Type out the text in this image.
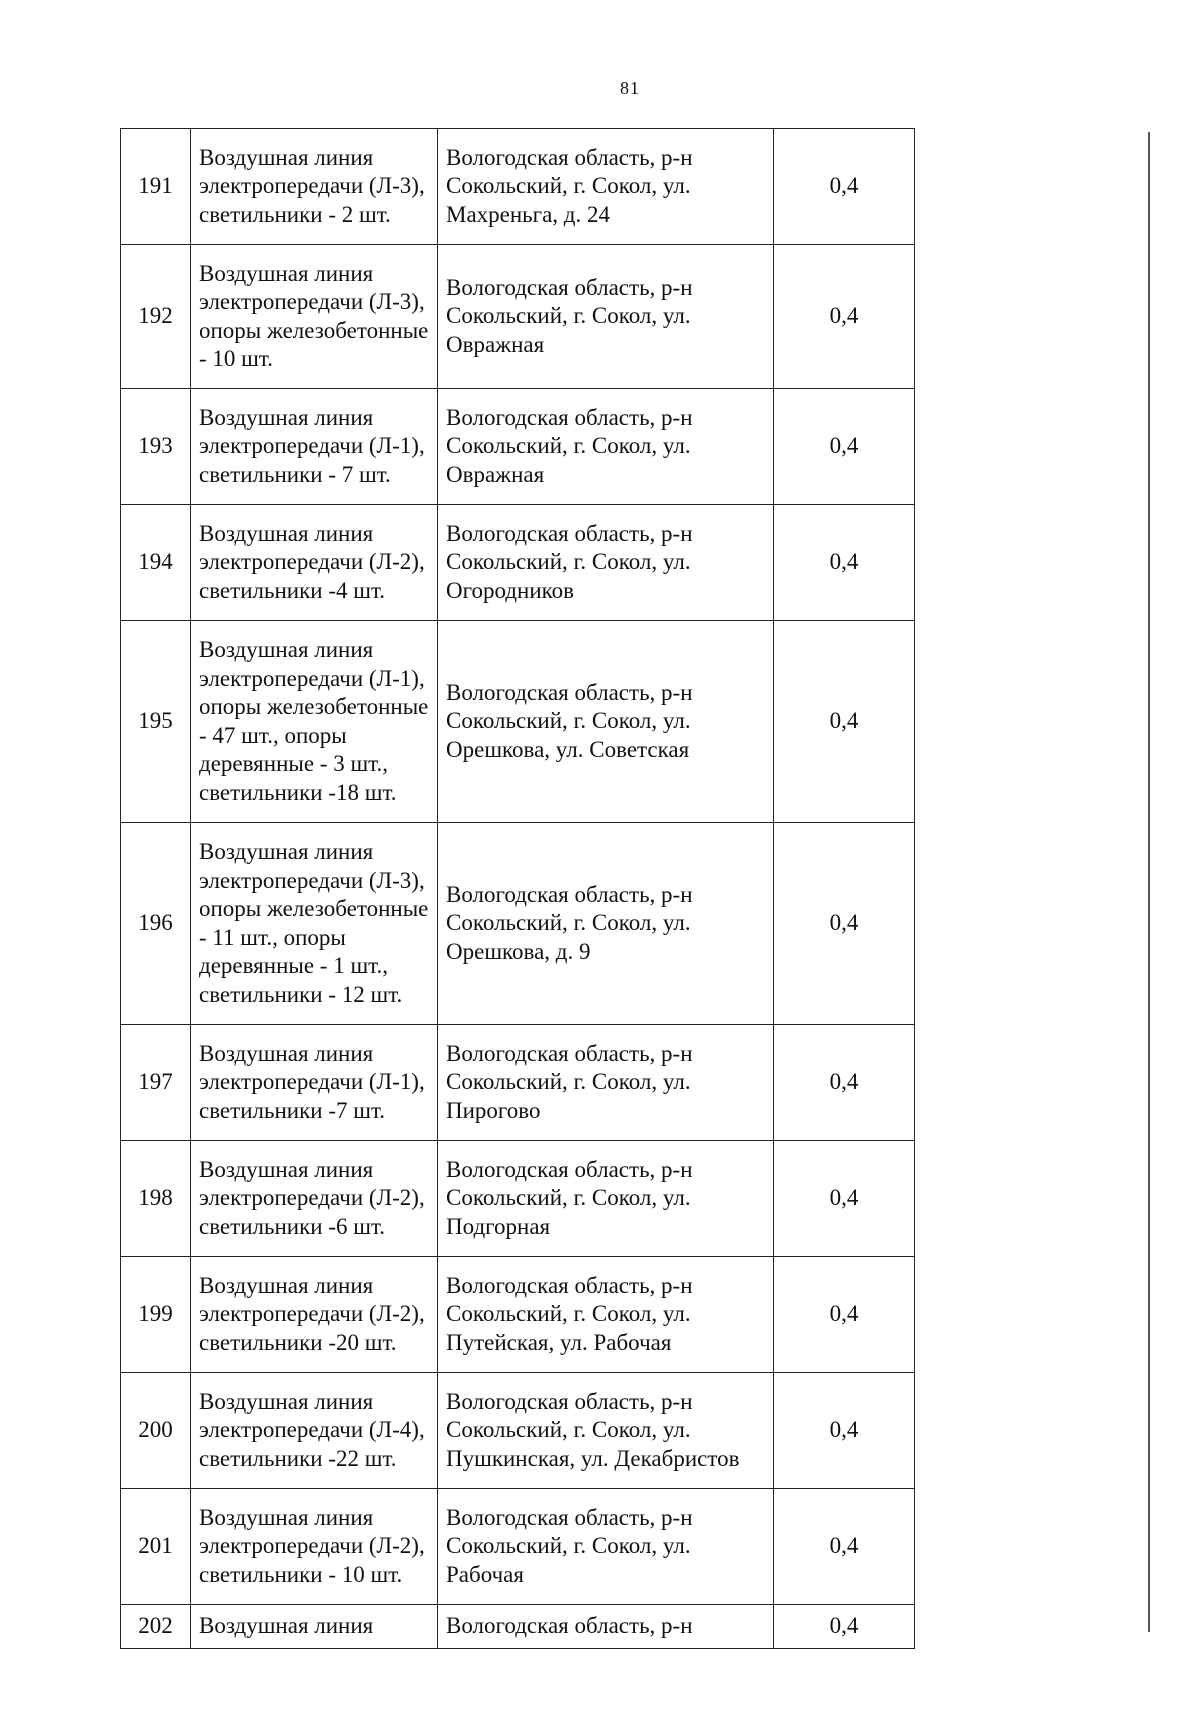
81
191	Воздушная линия электропередачи (Л-3), светильники - 2 шт.	Вологодская область, р-н Сокольский, г. Сокол, ул. Махреньга, д. 24	0,4
192	Воздушная линия электропередачи (Л-3), опоры железобетонные - 10 шт.	Вологодская область, р-н Сокольский, г. Сокол, ул. Овражная	0,4
193	Воздушная линия электропередачи (Л-1), светильники - 7 шт.	Вологодская область, р-н Сокольский, г. Сокол, ул. Овражная	0,4
194	Воздушная линия электропередачи (Л-2), светильники -4 шт.	Вологодская область, р-н Сокольский, г. Сокол, ул. Огородников	0,4
195	Воздушная линия электропередачи (Л-1), опоры железобетонные - 47 шт., опоры деревянные - 3 шт., светильники -18 шт.	Вологодская область, р-н Сокольский, г. Сокол, ул. Орешкова, ул. Советская	0,4
196	Воздушная линия электропередачи (Л-3), опоры железобетонные - 11 шт., опоры деревянные - 1 шт., светильники - 12 шт.	Вологодская область, р-н Сокольский, г. Сокол, ул. Орешкова, д. 9	0,4
197	Воздушная линия электропередачи (Л-1), светильники -7 шт.	Вологодская область, р-н Сокольский, г. Сокол, ул. Пирогово	0,4
198	Воздушная линия электропередачи (Л-2), светильники -6 шт.	Вологодская область, р-н Сокольский, г. Сокол, ул. Подгорная	0,4
199	Воздушная линия электропередачи (Л-2), светильники -20 шт.	Вологодская область, р-н Сокольский, г. Сокол, ул. Путейская, ул. Рабочая	0,4
200	Воздушная линия электропередачи (Л-4), светильники -22 шт.	Вологодская область, р-н Сокольский, г. Сокол, ул. Пушкинская, ул. Декабристов	0,4
201	Воздушная линия электропередачи (Л-2), светильники - 10 шт.	Вологодская область, р-н Сокольский, г. Сокол, ул. Рабочая	0,4
202	Воздушная линия	Вологодская область, р-н	0,4
